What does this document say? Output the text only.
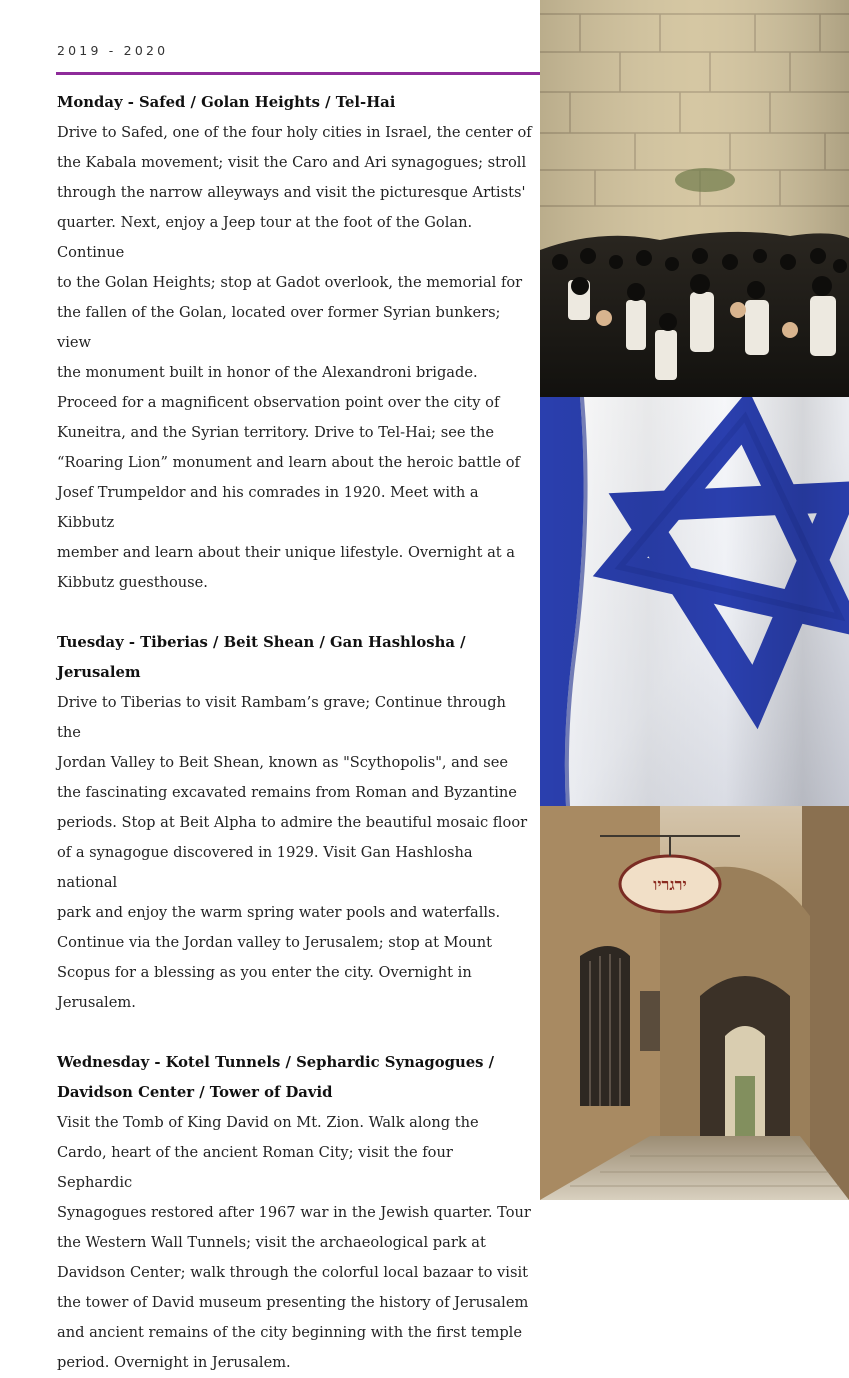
2019 - 2020
Monday - Safed / Golan Heights / Tel-Hai

Drive to Safed, one of the four holy cities in Israel, the center of
the Kabala movement; visit the Caro and Ari synagogues; stroll
through the narrow alleyways and visit the picturesque Artists'
quarter. Next, enjoy a Jeep tour at the foot of the Golan. Continue
to the Golan Heights; stop at Gadot overlook, the memorial for
the fallen of the Golan, located over former Syrian bunkers; view
the monument built in honor of the Alexandroni brigade.
Proceed for a magnificent observation point over the city of
Kuneitra, and the Syrian territory. Drive to Tel-Hai; see the
“Roaring Lion” monument and learn about the heroic battle of
Josef Trumpeldor and his comrades in 1920. Meet with a Kibbutz
member and learn about their unique lifestyle. Overnight at a
Kibbutz guesthouse.

Tuesday - Tiberias / Beit Shean / Gan Hashlosha / Jerusalem

Drive to Tiberias to visit Rambam’s grave; Continue through the
Jordan Valley to Beit Shean, known as "Scythopolis", and see
the fascinating excavated remains from Roman and Byzantine
periods. Stop at Beit Alpha to admire the beautiful mosaic floor
of a synagogue discovered in 1929. Visit Gan Hashlosha national
park and enjoy the warm spring water pools and waterfalls.
Continue via the Jordan valley to Jerusalem; stop at Mount
Scopus for a blessing as you enter the city. Overnight in
Jerusalem.

Wednesday - Kotel Tunnels / Sephardic Synagogues /
Davidson Center / Tower of David

Visit the Tomb of King David on Mt. Zion. Walk along the
Cardo, heart of the ancient Roman City; visit the four Sephardic
Synagogues restored after 1967 war in the Jewish quarter. Tour
the Western Wall Tunnels; visit the archaeological park at
Davidson Center; walk through the colorful local bazaar to visit
the tower of David museum presenting the history of Jerusalem
and ancient remains of the city beginning with the first temple
period. Overnight in Jerusalem.

ירגריו
